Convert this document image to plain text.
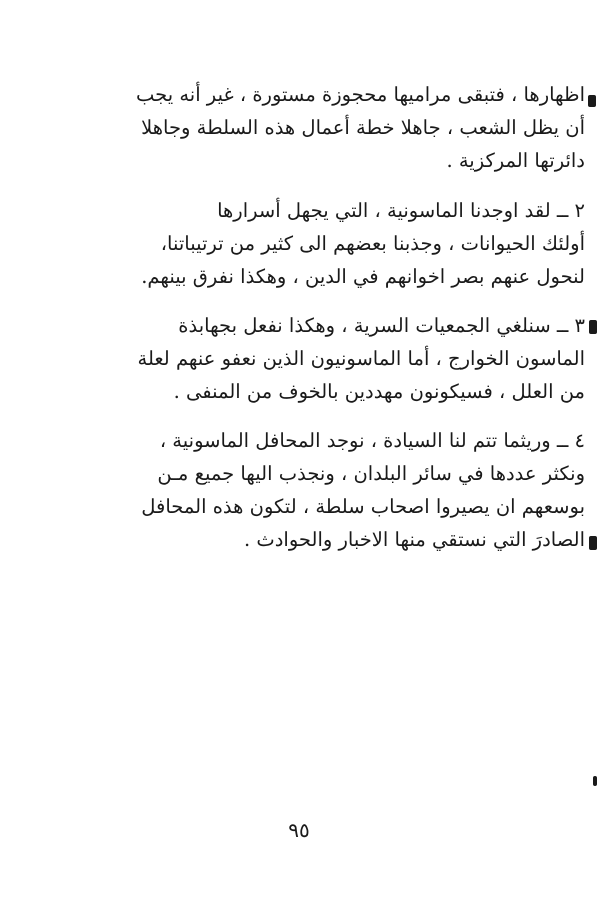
اظهارها ، فتبقى مراميها محجوزة مستورة ، غير أنه يجب
أن يظل الشعب ، جاهلا خطة أعمال هذه السلطة وجاهلا
دائرتها المركزية .
٢ ــ لقد اوجدنا الماسونية ، التي يجهل أسرارها
أولئك الحيوانات ، وجذبنا بعضهم الى كثير من ترتيباتنا،
لنحول عنهم بصر اخوانهم في الدين ، وهكذا نفرق بينهم.
٣ ــ سنلغي الجمعيات السرية ، وهكذا نفعل بجهابذة
الماسون الخوارج ، أما الماسونيون الذين نعفو عنهم لعلة
من العلل ، فسيكونون مهددين بالخوف من المنفى .
٤ ــ وريثما تتم لنا السيادة ، نوجد المحافل الماسونية ،
ونكثر عددها في سائر البلدان ، ونجذب اليها جميع مـن
بوسعهم ان يصيروا اصحاب سلطة ، لتكون هذه المحافل
الصادرَ التي نستقي منها الاخبار والحوادث .
٩٥
